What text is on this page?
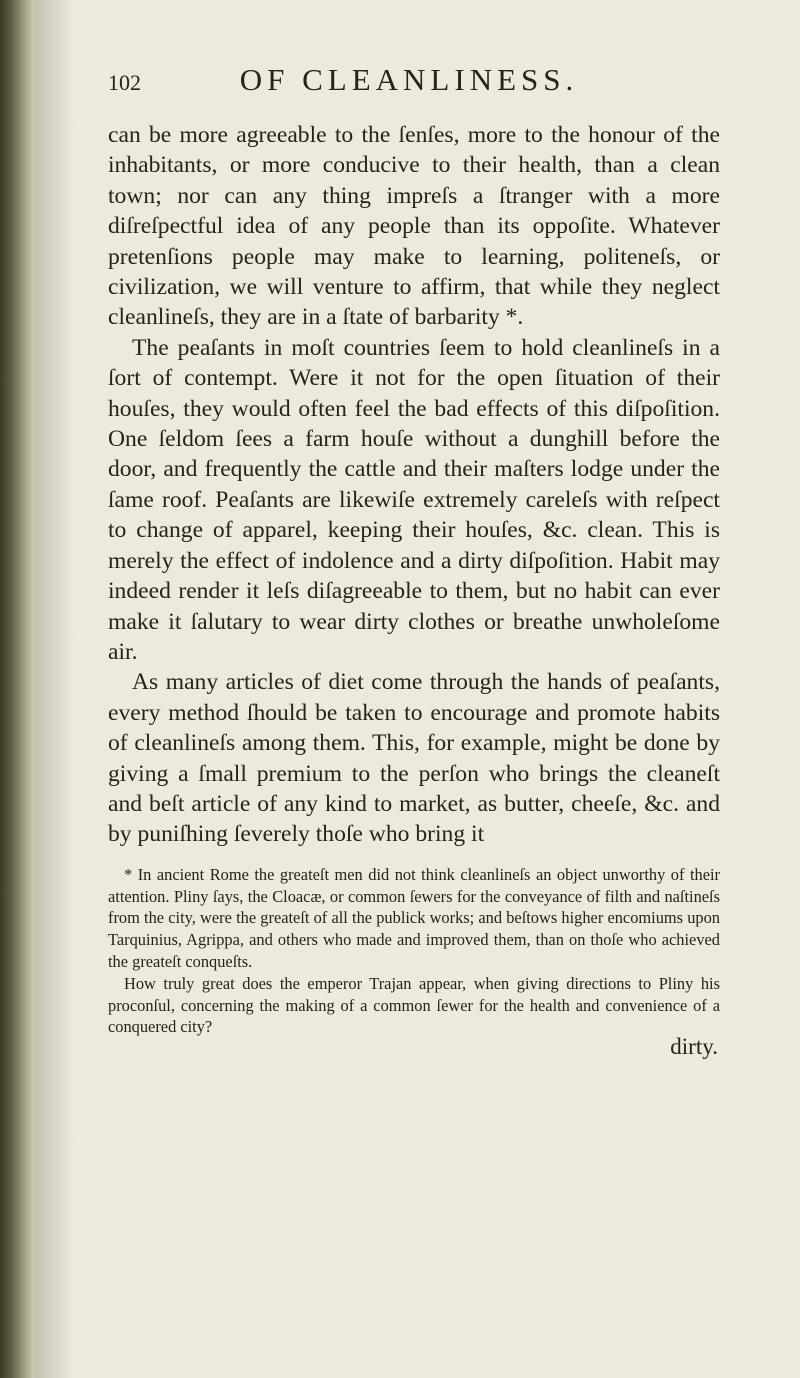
102	OF CLEANLINESS.

can be more agreeable to the ſenſes, more to the honour of the inhabitants, or more conducive to their health, than a clean town; nor can any thing impreſs a ſtranger with a more diſreſpectful idea of any people than its oppoſite. Whatever pretenſions people may make to learning, politeneſs, or civilization, we will venture to affirm, that while they neglect cleanlineſs, they are in a ſtate of barbarity *.

The peaſants in moſt countries ſeem to hold cleanlineſs in a ſort of contempt. Were it not for the open ſituation of their houſes, they would often feel the bad effects of this diſpoſition. One ſeldom ſees a farm houſe without a dunghill before the door, and frequently the cattle and their maſters lodge under the ſame roof. Peaſants are likewiſe extremely careleſs with reſpect to change of apparel, keeping their houſes, &c. clean. This is merely the effect of indolence and a dirty diſpoſition. Habit may indeed render it leſs diſagreeable to them, but no habit can ever make it ſalutary to wear dirty clothes or breathe unwholeſome air.

As many articles of diet come through the hands of peaſants, every method ſhould be taken to encourage and promote habits of cleanlineſs among them. This, for example, might be done by giving a ſmall premium to the perſon who brings the cleaneſt and beſt article of any kind to market, as butter, cheeſe, &c. and by puniſhing ſeverely thoſe who bring it

* In ancient Rome the greateſt men did not think cleanlineſs an object unworthy of their attention. Pliny ſays, the Cloacæ, or common ſewers for the conveyance of filth and naſtineſs from the city, were the greateſt of all the publick works; and beſtows higher encomiums upon Tarquinius, Agrippa, and others who made and improved them, than on thoſe who achieved the greateſt conqueſts.

How truly great does the emperor Trajan appear, when giving directions to Pliny his proconſul, concerning the making of a common ſewer for the health and convenience of a conquered city?

dirty.
